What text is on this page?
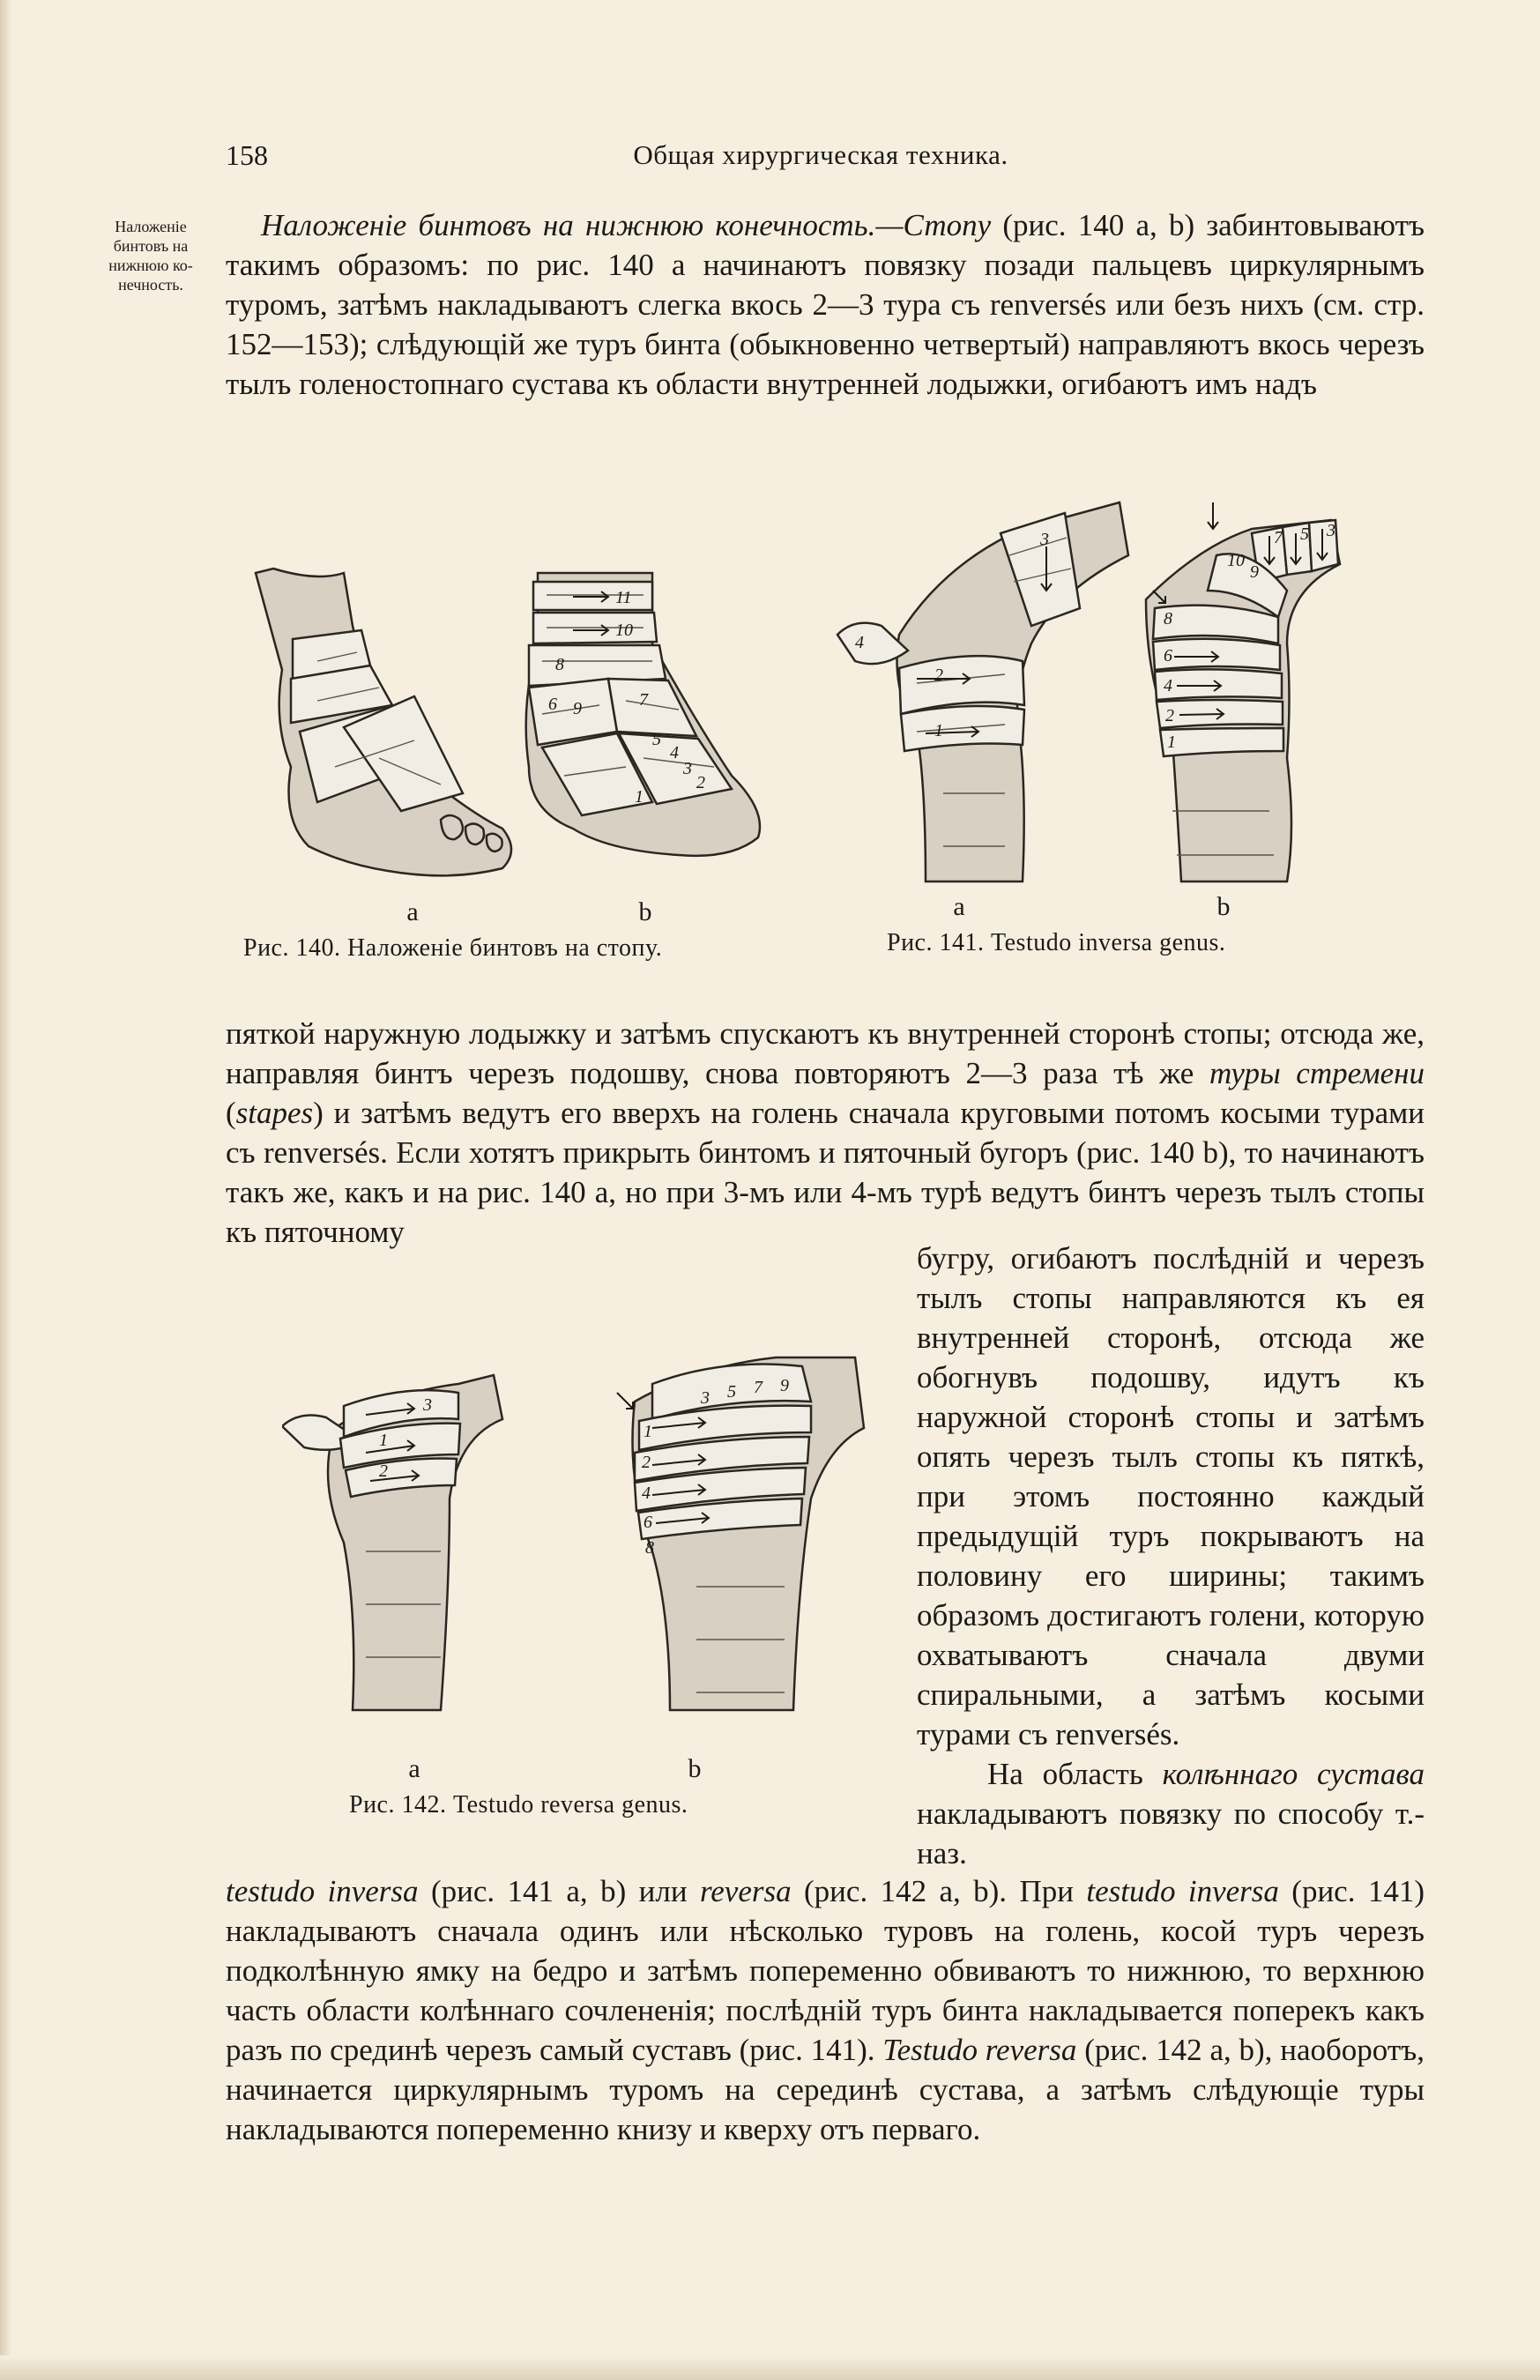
158	Общая хирургическая техника.
Наложеніе
бинтовъ на
нижнюю ко-
нечность.

Наложеніе бинтовъ на нижнюю конечность.—Стопу (рис. 140 a, b) забинтовываютъ такимъ образомъ: по рис. 140 a начинаютъ повязку позади пальцевъ циркулярнымъ туромъ, затѣмъ накладываютъ слегка вкось 2—3 тура съ renversés или безъ нихъ (см. стр. 152—153); слѣдующій же туръ бинта (обыкновенно четвертый) направляютъ вкось черезъ тылъ голеностопнаго сустава къ области внутренней лодыжки, огибаютъ имъ надъ

11
10
8
9
6	7
5
4
3
2
1
a	b
Рис. 140. Наложеніе бинтовъ на стопу.
3
4
2
1
3
5
7
9
10
8
6
4
2
1
a	b
Рис. 141. Testudo inversa genus.

пяткой наружную лодыжку и затѣмъ спускаютъ къ внутренней сторонѣ стопы; отсюда же, направляя бинтъ черезъ подошву, снова повторяютъ 2—3 раза тѣ же туры стремени (stapes) и затѣмъ ведутъ его вверхъ на голень сначала круговыми потомъ косыми турами съ renversés. Если хотятъ прикрыть бинтомъ и пяточный бугоръ (рис. 140 b), то начинаютъ такъ же, какъ и на рис. 140 a, но при 3-мъ или 4-мъ турѣ ведутъ бинтъ черезъ тылъ стопы къ пяточному

3
1
2
9
7
5
3
1
2
4
6
8
a	b
Рис. 142. Testudo reversa genus.

бугру, огибаютъ послѣдній и черезъ тылъ стопы направляются къ ея внутренней сторонѣ, отсюда же обогнувъ подошву, идутъ къ наружной сторонѣ стопы и затѣмъ опять черезъ тылъ стопы къ пяткѣ, при этомъ постоянно каждый предыдущій туръ покрываютъ на половину его ширины; такимъ образомъ достигаютъ голени, которую охватываютъ сначала двуми спиральными, а затѣмъ косыми турами съ renversés.

На область колѣннаго сустава накладываютъ повязку по способу т.-наз.

testudo inversa (рис. 141 a, b) или reversa (рис. 142 a, b). При testudo inversa (рис. 141) накладываютъ сначала одинъ или нѣсколько туровъ на голень, косой туръ черезъ подколѣнную ямку на бедро и затѣмъ попеременно обвиваютъ то нижнюю, то верхнюю часть области колѣннаго сочлененія; послѣдній туръ бинта накладывается поперекъ какъ разъ по срединѣ черезъ самый суставъ (рис. 141). Testudo reversa (рис. 142 a, b), наоборотъ, начинается циркулярнымъ туромъ на серединѣ сустава, а затѣмъ слѣдующіе туры накладываются попеременно книзу и кверху отъ перваго.
